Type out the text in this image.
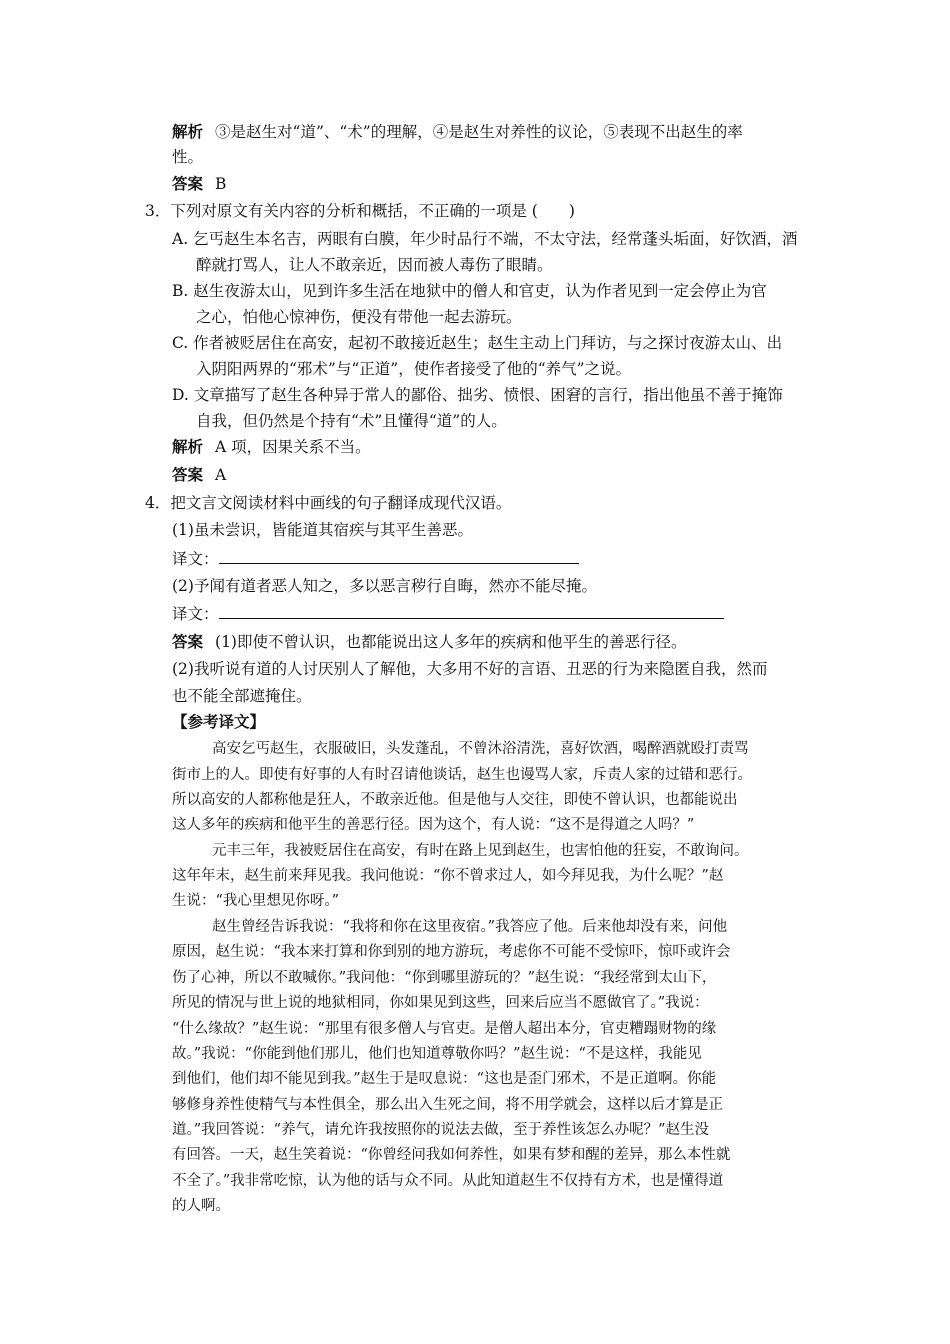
解析 ③是赵生对“道”、“术”的理解，④是赵生对养性的议论，⑤表现不出赵生的率
性。
答案 B
3．下列对原文有关内容的分析和概括，不正确的一项是 (　　)
A. 乞丐赵生本名吉，两眼有白膜，年少时品行不端，不太守法，经常蓬头垢面，好饮酒，酒
醉就打骂人，让人不敢亲近，因而被人毒伤了眼睛。
B. 赵生夜游太山，见到许多生活在地狱中的僧人和官吏，认为作者见到一定会停止为官
之心，怕他心惊神伤，便没有带他一起去游玩。
C. 作者被贬居住在高安，起初不敢接近赵生；赵生主动上门拜访，与之探讨夜游太山、出
入阴阳两界的“邪术”与“正道”，使作者接受了他的“养气”之说。
D. 文章描写了赵生各种异于常人的鄙俗、拙劣、愤恨、困窘的言行，指出他虽不善于掩饰
自我，但仍然是个持有“术”且懂得“道”的人。
解析 A 项，因果关系不当。
答案 A
4．把文言文阅读材料中画线的句子翻译成现代汉语。
(1)虽未尝识，皆能道其宿疾与其平生善恶。
译文：
(2)予闻有道者恶人知之，多以恶言秽行自晦，然亦不能尽掩。
译文：
答案 (1)即使不曾认识，也都能说出这人多年的疾病和他平生的善恶行径。
(2)我听说有道的人讨厌别人了解他，大多用不好的言语、丑恶的行为来隐匿自我，然而
也不能全部遮掩住。
【参考译文】
高安乞丐赵生，衣服破旧，头发蓬乱，不曾沐浴清洗，喜好饮酒，喝醉酒就殴打责骂
街市上的人。即使有好事的人有时召请他谈话，赵生也谩骂人家，斥责人家的过错和恶行。
所以高安的人都称他是狂人，不敢亲近他。但是他与人交往，即使不曾认识，也都能说出
这人多年的疾病和他平生的善恶行径。因为这个，有人说：“这不是得道之人吗？”
元丰三年，我被贬居住在高安，有时在路上见到赵生，也害怕他的狂妄，不敢询问。
这年年末，赵生前来拜见我。我问他说：“你不曾求过人，如今拜见我，为什么呢？”赵
生说：“我心里想见你呀。”
赵生曾经告诉我说：“我将和你在这里夜宿。”我答应了他。后来他却没有来，问他
原因，赵生说：“我本来打算和你到别的地方游玩，考虑你不可能不受惊吓，惊吓或许会
伤了心神，所以不敢喊你。”我问他：“你到哪里游玩的？”赵生说：“我经常到太山下，
所见的情况与世上说的地狱相同，你如果见到这些，回来后应当不愿做官了。”我说：
“什么缘故？”赵生说：“那里有很多僧人与官吏。是僧人超出本分，官吏糟蹋财物的缘
故。”我说：“你能到他们那儿，他们也知道尊敬你吗？”赵生说：“不是这样，我能见
到他们，他们却不能见到我。”赵生于是叹息说：“这也是歪门邪术，不是正道啊。你能
够修身养性使精气与本性俱全，那么出入生死之间，将不用学就会，这样以后才算是正
道。”我回答说：“养气，请允许我按照你的说法去做，至于养性该怎么办呢？”赵生没
有回答。一天，赵生笑着说：“你曾经问我如何养性，如果有梦和醒的差异，那么本性就
不全了。”我非常吃惊，认为他的话与众不同。从此知道赵生不仅持有方术，也是懂得道
的人啊。
